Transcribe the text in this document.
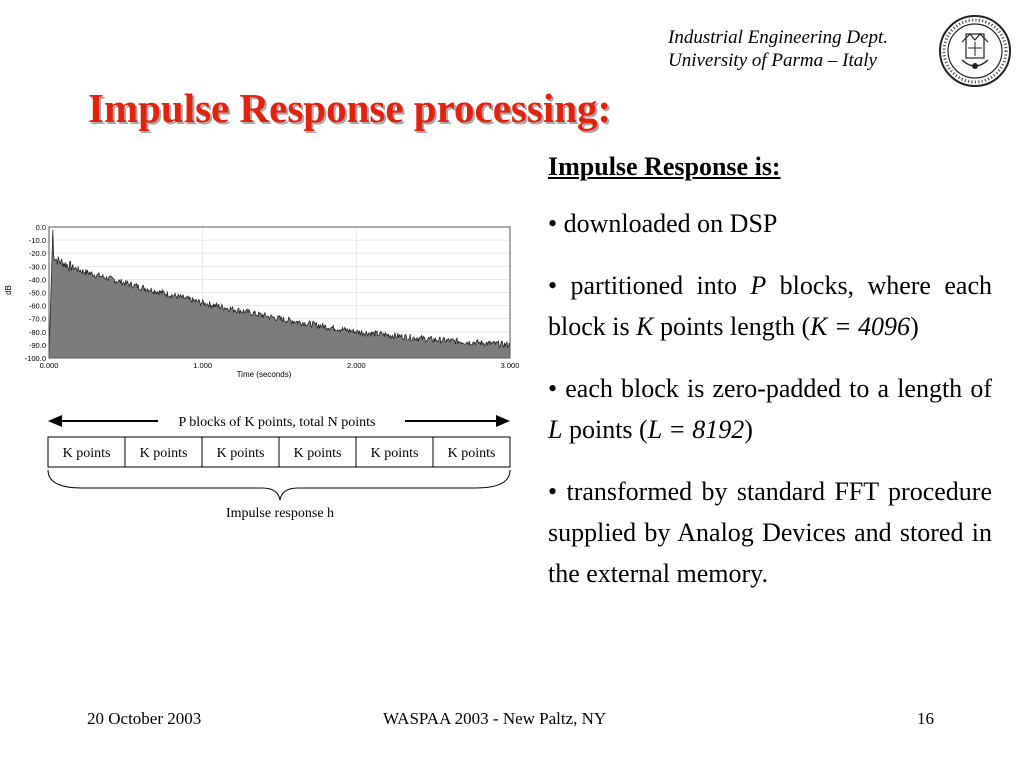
Industrial Engineering Dept.
University of Parma – Italy
Impulse Response processing:
0.0
-10.0
-20.0
-30.0
-40.0
-50.0
-60.0
-70.0
-80.0
-90.0
-100.0
0.000	1.000	2.000	3.000
dB
Time (seconds)
P blocks of K points, total N points
K points K points K points K points K points K points
Impulse response h

Impulse Response is:

• downloaded on DSP

• partitioned into P blocks, where each block is K points length (K = 4096)

• each block is zero-padded to a length of L points (L = 8192)

• transformed by standard FFT procedure supplied by Analog Devices and stored in the external memory.

20 October 2003	WASPAA 2003 - New Paltz, NY	16
